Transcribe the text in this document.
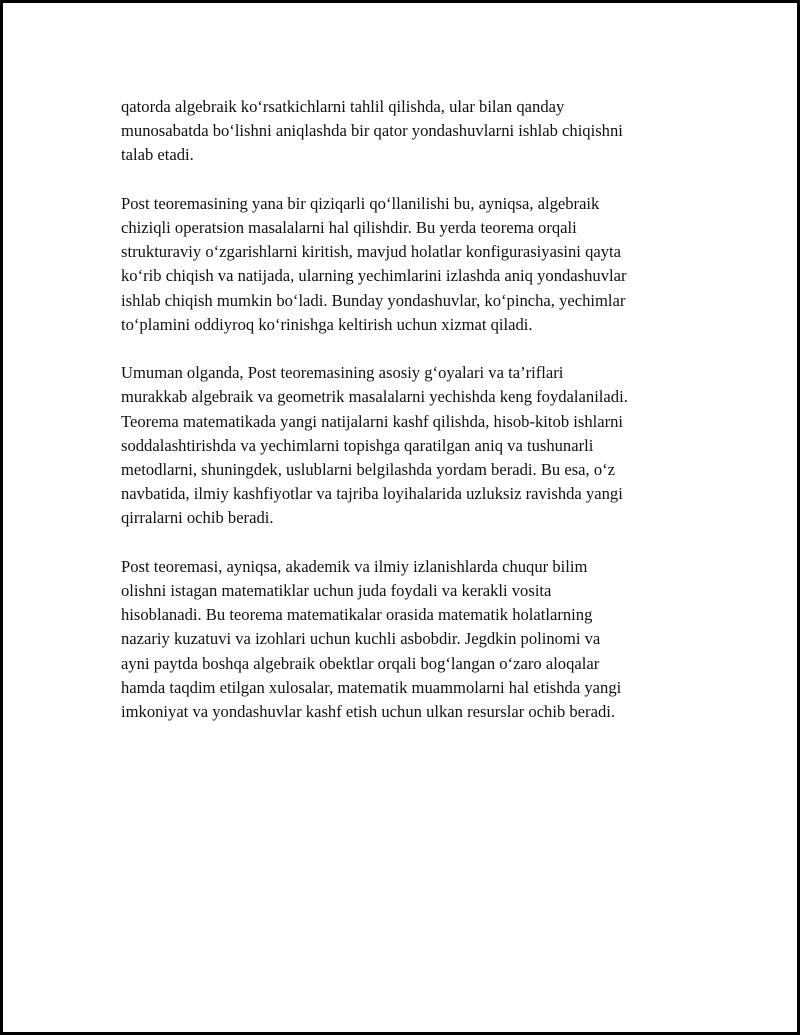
qatorda algebraik ko‘rsatkichlarni tahlil qilishda, ular bilan qanday
munosabatda bo‘lishni aniqlashda bir qator yondashuvlarni ishlab chiqishni
talab etadi.

Post teoremasining yana bir qiziqarli qo‘llanilishi bu, ayniqsa, algebraik
chiziqli operatsion masalalarni hal qilishdir. Bu yerda teorema orqali
strukturaviy o‘zgarishlarni kiritish, mavjud holatlar konfigurasiyasini qayta
ko‘rib chiqish va natijada, ularning yechimlarini izlashda aniq yondashuvlar
ishlab chiqish mumkin bo‘ladi. Bunday yondashuvlar, ko‘pincha, yechimlar
to‘plamini oddiyroq ko‘rinishga keltirish uchun xizmat qiladi.

Umuman olganda, Post teoremasining asosiy g‘oyalari va ta’riflari
murakkab algebraik va geometrik masalalarni yechishda keng foydalaniladi.
Teorema matematikada yangi natijalarni kashf qilishda, hisob-kitob ishlarni
soddalashtirishda va yechimlarni topishga qaratilgan aniq va tushunarli
metodlarni, shuningdek, uslublarni belgilashda yordam beradi. Bu esa, o‘z
navbatida, ilmiy kashfiyotlar va tajriba loyihalarida uzluksiz ravishda yangi
qirralarni ochib beradi.

Post teoremasi, ayniqsa, akademik va ilmiy izlanishlarda chuqur bilim
olishni istagan matematiklar uchun juda foydali va kerakli vosita
hisoblanadi. Bu teorema matematikalar orasida matematik holatlarning
nazariy kuzatuvi va izohlari uchun kuchli asbobdir. Jegdkin polinomi va
ayni paytda boshqa algebraik obektlar orqali bog‘langan o‘zaro aloqalar
hamda taqdim etilgan xulosalar, matematik muammolarni hal etishda yangi
imkoniyat va yondashuvlar kashf etish uchun ulkan resurslar ochib beradi.
